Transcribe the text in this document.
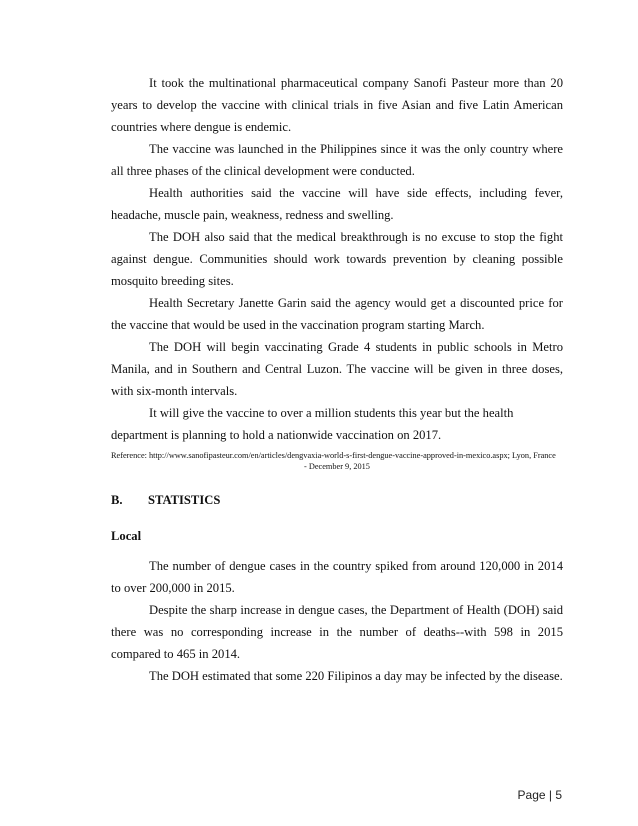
It took the multinational pharmaceutical company Sanofi Pasteur more than 20 years to develop the vaccine with clinical trials in five Asian and five Latin American countries where dengue is endemic.

The vaccine was launched in the Philippines since it was the only country where all three phases of the clinical development were conducted.

Health authorities said the vaccine will have side effects, including fever, headache, muscle pain, weakness, redness and swelling.

The DOH also said that the medical breakthrough is no excuse to stop the fight against dengue. Communities should work towards prevention by cleaning possible mosquito breeding sites.

Health Secretary Janette Garin said the agency would get a discounted price for the vaccine that would be used in the vaccination program starting March.

The DOH will begin vaccinating Grade 4 students in public schools in Metro Manila, and in Southern and Central Luzon. The vaccine will be given in three doses, with six-month intervals.

It will give the vaccine to over a million students this year but the health
department is planning to hold a nationwide vaccination on 2017.

Reference: http://www.sanofipasteur.com/en/articles/dengvaxia-world-s-first-dengue-vaccine-approved-in-mexico.aspx; Lyon, France
- December 9, 2015
B. STATISTICS
Local

The number of dengue cases in the country spiked from around 120,000 in 2014 to over 200,000 in 2015.

Despite the sharp increase in dengue cases, the Department of Health (DOH) said there was no corresponding increase in the number of deaths--with 598 in 2015 compared to 465 in 2014.

The DOH estimated that some 220 Filipinos a day may be infected by the disease.

Page | 5
